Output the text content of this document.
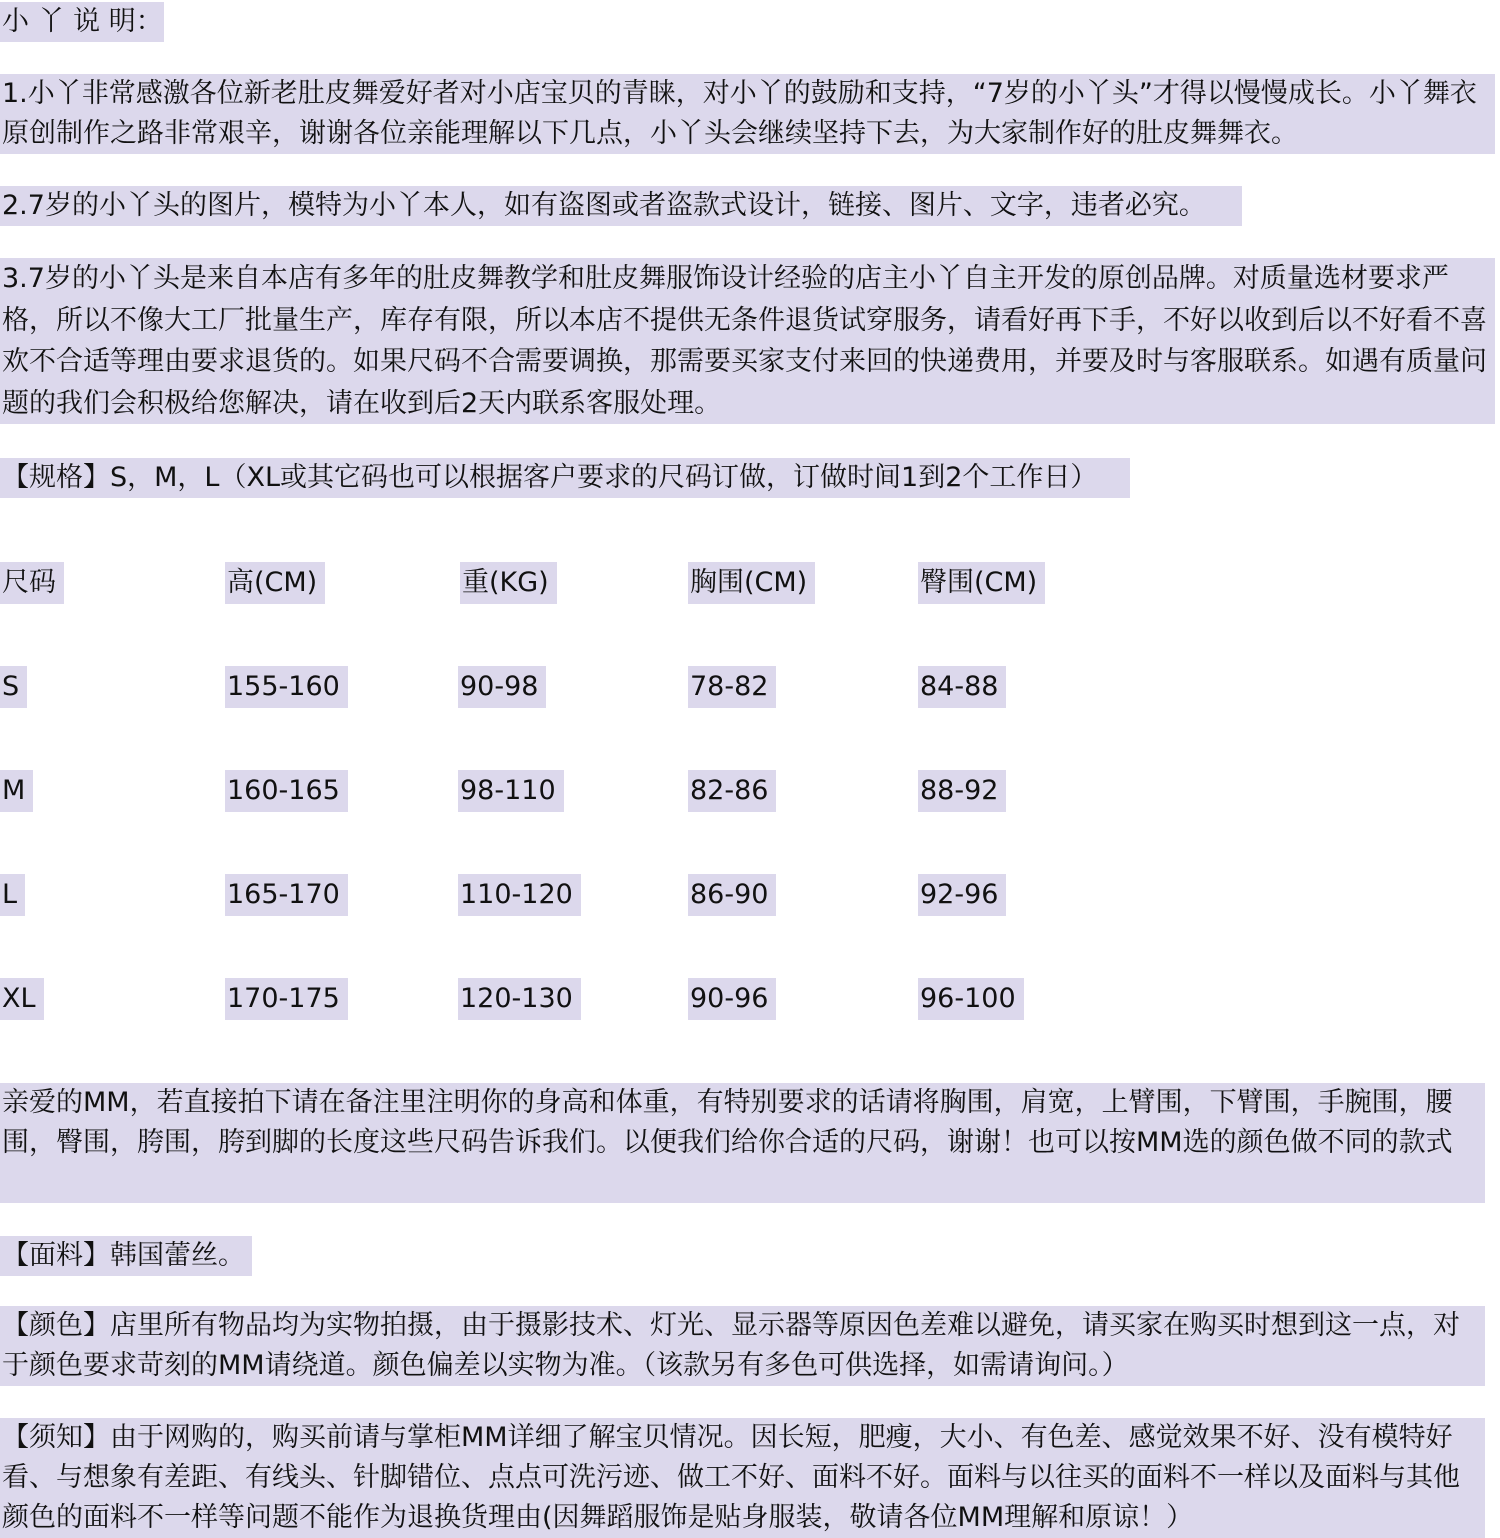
小 丫 说 明：
1.小丫非常感激各位新老肚皮舞爱好者对小店宝贝的青睐，对小丫的鼓励和支持，“7岁的小丫头”才得以慢慢成长。小丫舞衣原创制作之路非常艰辛，谢谢各位亲能理解以下几点，小丫头会继续坚持下去，为大家制作好的肚皮舞舞衣。
2.7岁的小丫头的图片，模特为小丫本人，如有盗图或者盗款式设计，链接、图片、文字，违者必究。
3.7岁的小丫头是来自本店有多年的肚皮舞教学和肚皮舞服饰设计经验的店主小丫自主开发的原创品牌。对质量选材要求严格，所以不像大工厂批量生产，库存有限，所以本店不提供无条件退货试穿服务，请看好再下手，不好以收到后以不好看不喜欢不合适等理由要求退货的。如果尺码不合需要调换，那需要买家支付来回的快递费用，并要及时与客服联系。如遇有质量问题的我们会积极给您解决，请在收到后2天内联系客服处理。
【规格】S，M，L（XL或其它码也可以根据客户要求的尺码订做，订做时间1到2个工作日）
尺码	高(CM)	重(KG)	胸围(CM)	臀围(CM)
S	155-160	90-98	78-82	84-88
M	160-165	98-110	82-86	88-92
L	165-170	110-120	86-90	92-96
XL	170-175	120-130	90-96	96-100
亲爱的MM，若直接拍下请在备注里注明你的身高和体重，有特别要求的话请将胸围，肩宽，上臂围，下臂围，手腕围，腰围，臀围，胯围，胯到脚的长度这些尺码告诉我们。以便我们给你合适的尺码，谢谢！也可以按MM选的颜色做不同的款式
【面料】韩国蕾丝。
【颜色】店里所有物品均为实物拍摄，由于摄影技术、灯光、显示器等原因色差难以避免，请买家在购买时想到这一点，对于颜色要求苛刻的MM请绕道。颜色偏差以实物为准。（该款另有多色可供选择，如需请询问。）
【须知】由于网购的，购买前请与掌柜MM详细了解宝贝情况。因长短，肥瘦，大小、有色差、感觉效果不好、没有模特好看、与想象有差距、有线头、针脚错位、点点可洗污迹、做工不好、面料不好。面料与以往买的面料不一样以及面料与其他颜色的面料不一样等问题不能作为退换货理由(因舞蹈服饰是贴身服装，敬请各位MM理解和原谅！）
